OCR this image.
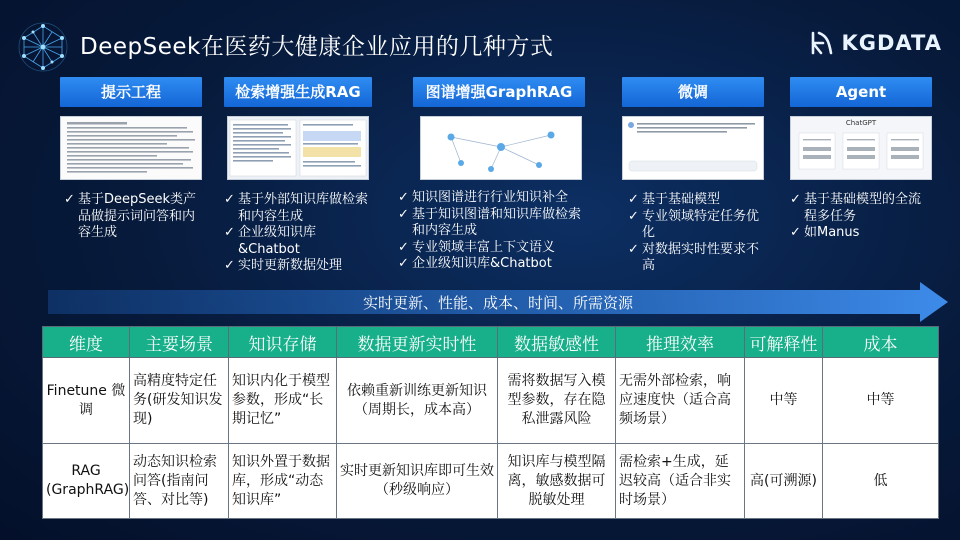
DeepSeek在医药大健康企业应用的几种方式	KGDATA
提示工程
✓ 基于DeepSeek类产品做提示词问答和内容生成
检索增强生成RAG
✓ 基于外部知识库做检索和内容生成
✓ 企业级知识库&Chatbot
✓ 实时更新数据处理
图谱增强GraphRAG
✓ 知识图谱进行行业知识补全
✓ 基于知识图谱和知识库做检索和内容生成
✓ 专业领域丰富上下文语义
✓ 企业级知识库&Chatbot
微调
✓ 基于基础模型
✓ 专业领域特定任务优化
✓ 对数据实时性要求不高
Agent
ChatGPT
✓ 基于基础模型的全流程多任务
✓ 如Manus
实时更新、性能、成本、时间、所需资源
维度	主要场景	知识存储	数据更新实时性	数据敏感性	推理效率	可解释性	成本
Finetune 微调	高精度特定任务(研发知识发现)	知识内化于模型参数，形成“长期记忆”	依赖重新训练更新知识（周期长，成本高）	需将数据写入模型参数，存在隐私泄露风险	无需外部检索，响应速度快（适合高频场景）	中等	中等
RAG (GraphRAG)	动态知识检索问答(指南问答、对比等)	知识外置于数据库，形成“动态知识库”	实时更新知识库即可生效（秒级响应）	知识库与模型隔离，敏感数据可脱敏处理	需检索+生成，延迟较高（适合非实时场景）	高(可溯源)	低
